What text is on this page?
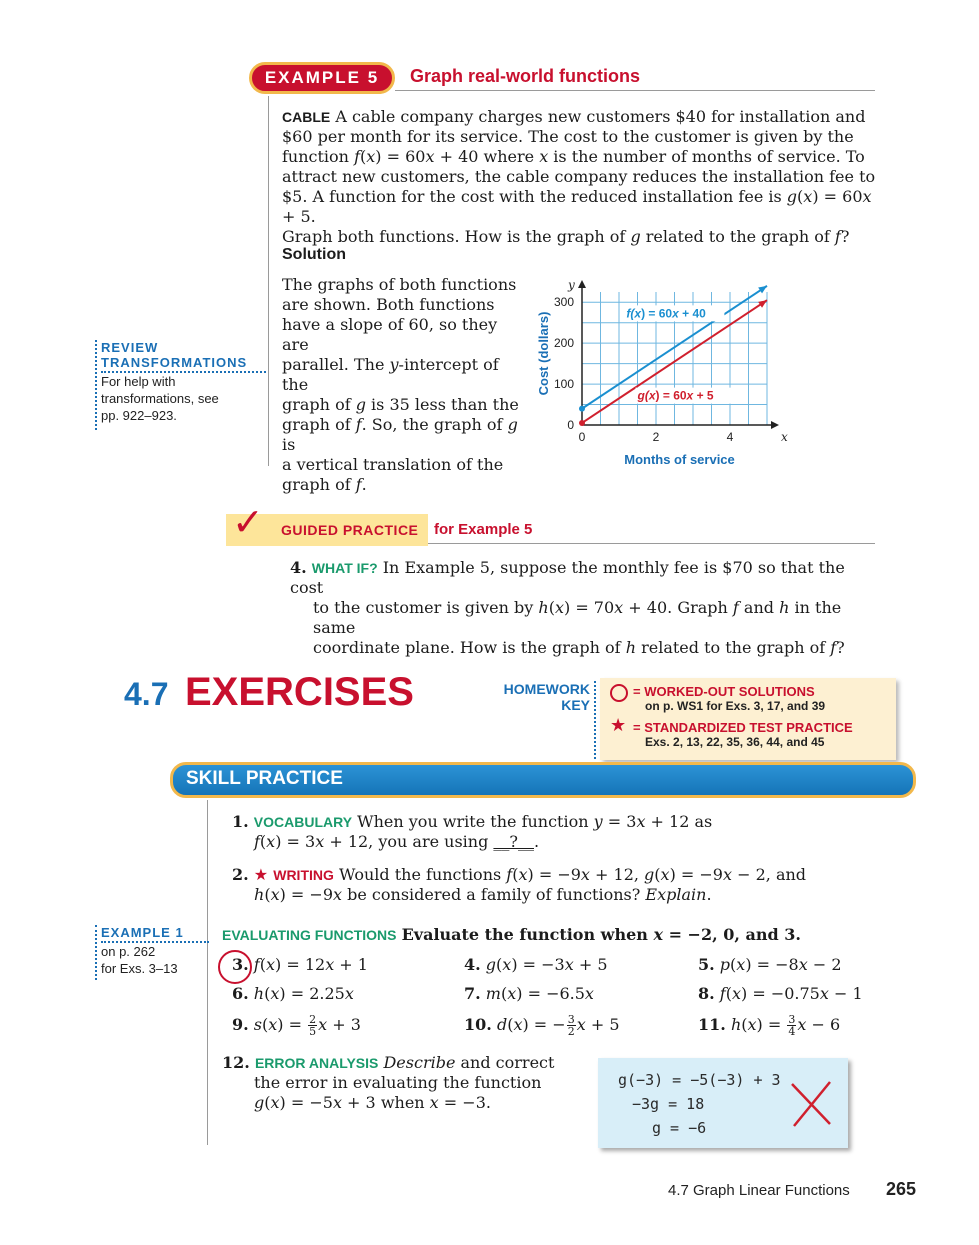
EXAMPLE 5 Graph real-world functions
CABLE A cable company charges new customers $40 for installation and
$60 per month for its service. The cost to the customer is given by the
function f(x) = 60x + 40 where x is the number of months of service. To
attract new customers, the cable company reduces the installation fee to
$5. A function for the cost with the reduced installation fee is g(x) = 60x + 5.
Graph both functions. How is the graph of g related to the graph of f?
Solution
The graphs of both functions
are shown. Both functions
have a slope of 60, so they are
parallel. The y-intercept of the
graph of g is 35 less than the
graph of f. So, the graph of g is
a vertical translation of the
graph of f.
REVIEW
TRANSFORMATIONS
For help with
transformations, see
pp. 922–923.
0
100
200
300
0	2	4
Cost (dollars)
Months of service
y
x
f(x) = 60x + 40
g(x) = 60x + 5
✓ GUIDED PRACTICE for Example 5
4. WHAT IF? In Example 5, suppose the monthly fee is $70 so that the cost
to the customer is given by h(x) = 70x + 40. Graph f and h in the same
coordinate plane. How is the graph of h related to the graph of f?
4.7 EXERCISES	HOMEWORK
KEY
= WORKED-OUT SOLUTIONS
on p. WS1 for Exs. 3, 17, and 39
★ = STANDARDIZED TEST PRACTICE
Exs. 2, 13, 22, 35, 36, 44, and 45
SKILL PRACTICE
1. VOCABULARY When you write the function y = 3x + 12 as
f(x) = 3x + 12, you are using __?__.
2. ★ WRITING Would the functions f(x) = −9x + 12, g(x) = −9x − 2, and
h(x) = −9x be considered a family of functions? Explain.
EXAMPLE 1
on p. 262
for Exs. 3–13
EVALUATING FUNCTIONS Evaluate the function when x = −2, 0, and 3.
3. f(x) = 12x + 1	4. g(x) = −3x + 5	5. p(x) = −8x − 2
6. h(x) = 2.25x	7. m(x) = −6.5x	8. f(x) = −0.75x − 1
9. $s(x) = \frac{2}{5}$ x + 3	10. d(x) = − $\frac{3}{2}$ x + 5	11. $h(x) = \frac{3}{4}$ x − 6
12. ERROR ANALYSIS Describe and correct
the error in evaluating the function
g(x) = −5x + 3 when x = −3.
g(−3) = −5(−3) + 3
−3g = 18
g = −6
4.7 Graph Linear Functions 265
